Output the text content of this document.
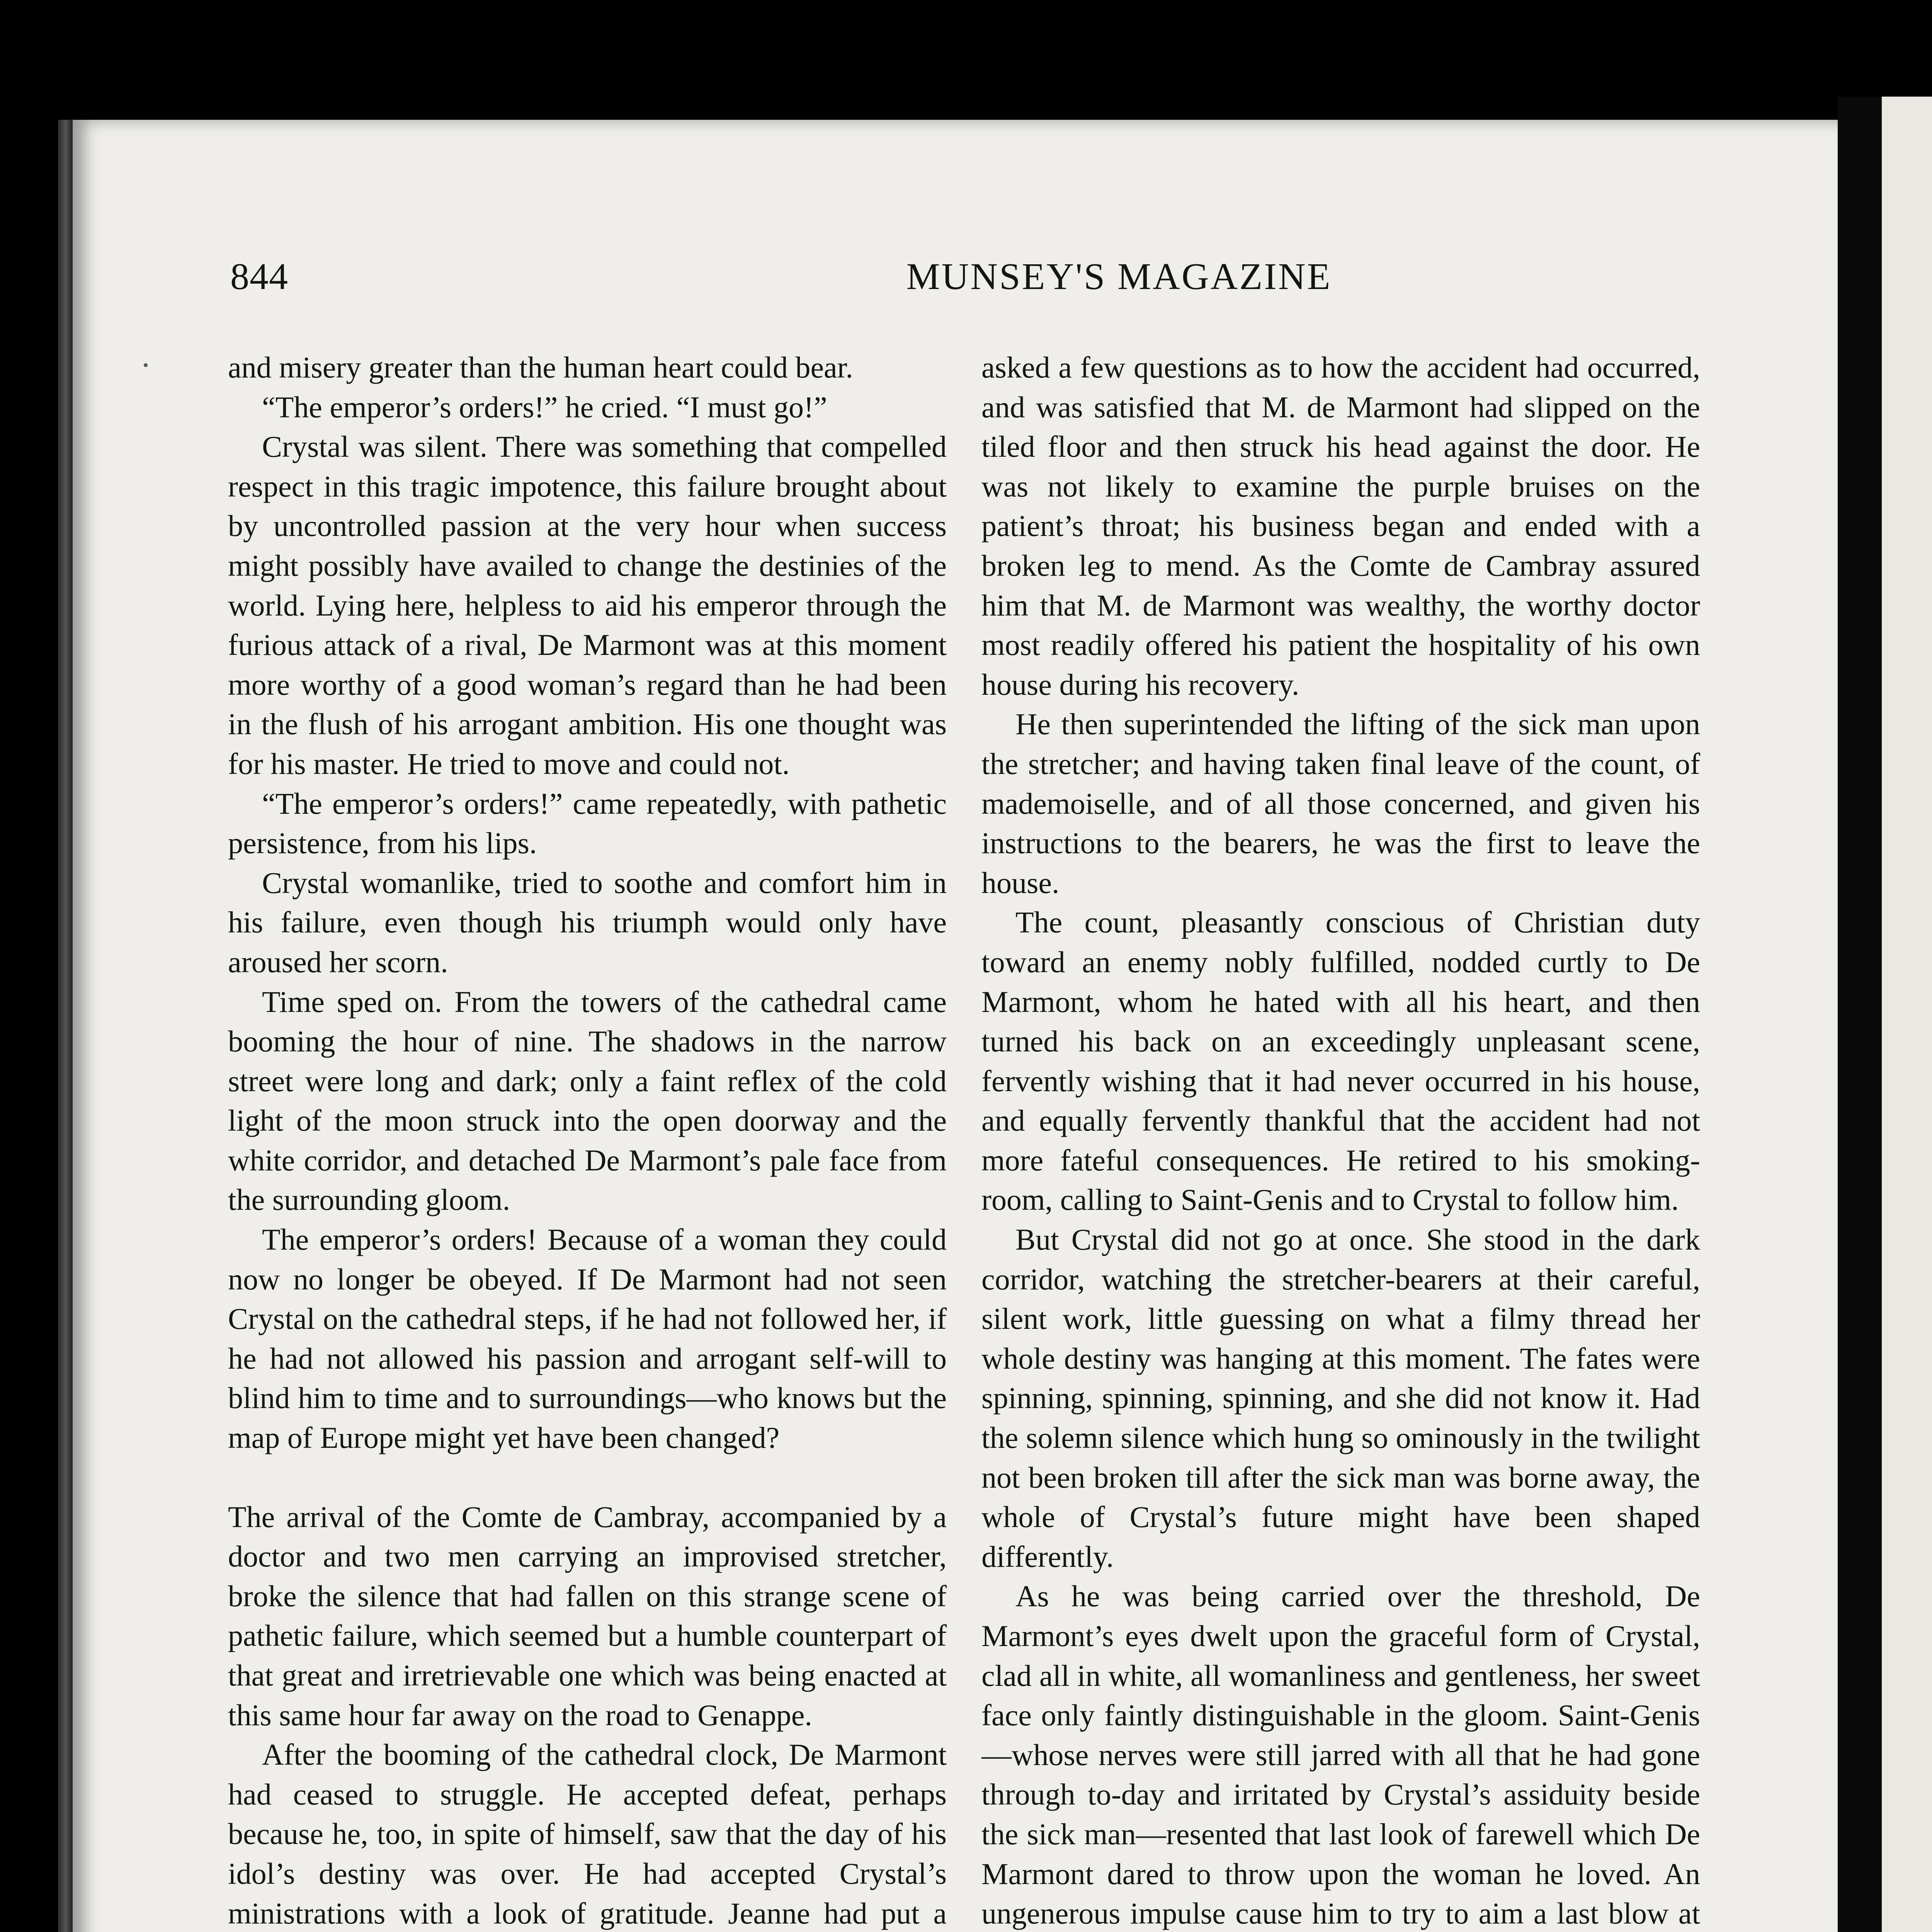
844	MUNSEY'S MAGAZINE

and misery greater than the human heart could bear.

“The emperor’s orders!” he cried. “I must go!”

Crystal was silent. There was something that compelled respect in this tragic impotence, this failure brought about by uncontrolled passion at the very hour when success might possibly have availed to change the destinies of the world. Lying here, helpless to aid his emperor through the furious attack of a rival, De Marmont was at this moment more worthy of a good woman’s regard than he had been in the flush of his arrogant ambition. His one thought was for his master. He tried to move and could not.

“The emperor’s orders!” came repeatedly, with pathetic persistence, from his lips.

Crystal womanlike, tried to soothe and comfort him in his failure, even though his triumph would only have aroused her scorn.

Time sped on. From the towers of the cathedral came booming the hour of nine. The shadows in the narrow street were long and dark; only a faint reflex of the cold light of the moon struck into the open doorway and the white corridor, and detached De Marmont’s pale face from the surrounding gloom.

The emperor’s orders! Because of a woman they could now no longer be obeyed. If De Marmont had not seen Crystal on the cathedral steps, if he had not followed her, if he had not allowed his passion and arrogant self-will to blind him to time and to surroundings—who knows but the map of Europe might yet have been changed?

The arrival of the Comte de Cambray, accompanied by a doctor and two men carrying an improvised stretcher, broke the silence that had fallen on this strange scene of pathetic failure, which seemed but a humble counterpart of that great and irretrievable one which was being enacted at this same hour far away on the road to Genappe.

After the booming of the cathedral clock, De Marmont had ceased to struggle. He accepted defeat, perhaps because he, too, in spite of himself, saw that the day of his idol’s destiny was over. He had accepted Crystal’s ministrations with a look of gratitude. Jeanne had put a

asked a few questions as to how the accident had occurred, and was satisfied that M. de Marmont had slipped on the tiled floor and then struck his head against the door. He was not likely to examine the purple bruises on the patient’s throat; his business began and ended with a broken leg to mend. As the Comte de Cambray assured him that M. de Marmont was wealthy, the worthy doctor most readily offered his patient the hospitality of his own house during his recovery.

He then superintended the lifting of the sick man upon the stretcher; and having taken final leave of the count, of mademoiselle, and of all those concerned, and given his instructions to the bearers, he was the first to leave the house.

The count, pleasantly conscious of Christian duty toward an enemy nobly fulfilled, nodded curtly to De Marmont, whom he hated with all his heart, and then turned his back on an exceedingly unpleasant scene, fervently wishing that it had never occurred in his house, and equally fervently thankful that the accident had not more fateful consequences. He retired to his smoking-room, calling to Saint-Genis and to Crystal to follow him.

But Crystal did not go at once. She stood in the dark corridor, watching the stretcher-bearers at their careful, silent work, little guessing on what a filmy thread her whole destiny was hanging at this moment. The fates were spinning, spinning, spinning, and she did not know it. Had the solemn silence which hung so ominously in the twilight not been broken till after the sick man was borne away, the whole of Crystal’s future might have been shaped differently.

As he was being carried over the threshold, De Marmont’s eyes dwelt upon the graceful form of Crystal, clad all in white, all womanliness and gentleness, her sweet face only faintly distinguishable in the gloom. Saint-Genis—whose nerves were still jarred with all that he had gone through to-day and irritated by Crystal’s assiduity beside the sick man—resented that last look of farewell which De Marmont dared to throw upon the woman he loved. An ungenerous impulse cause him to try to aim a last blow at
